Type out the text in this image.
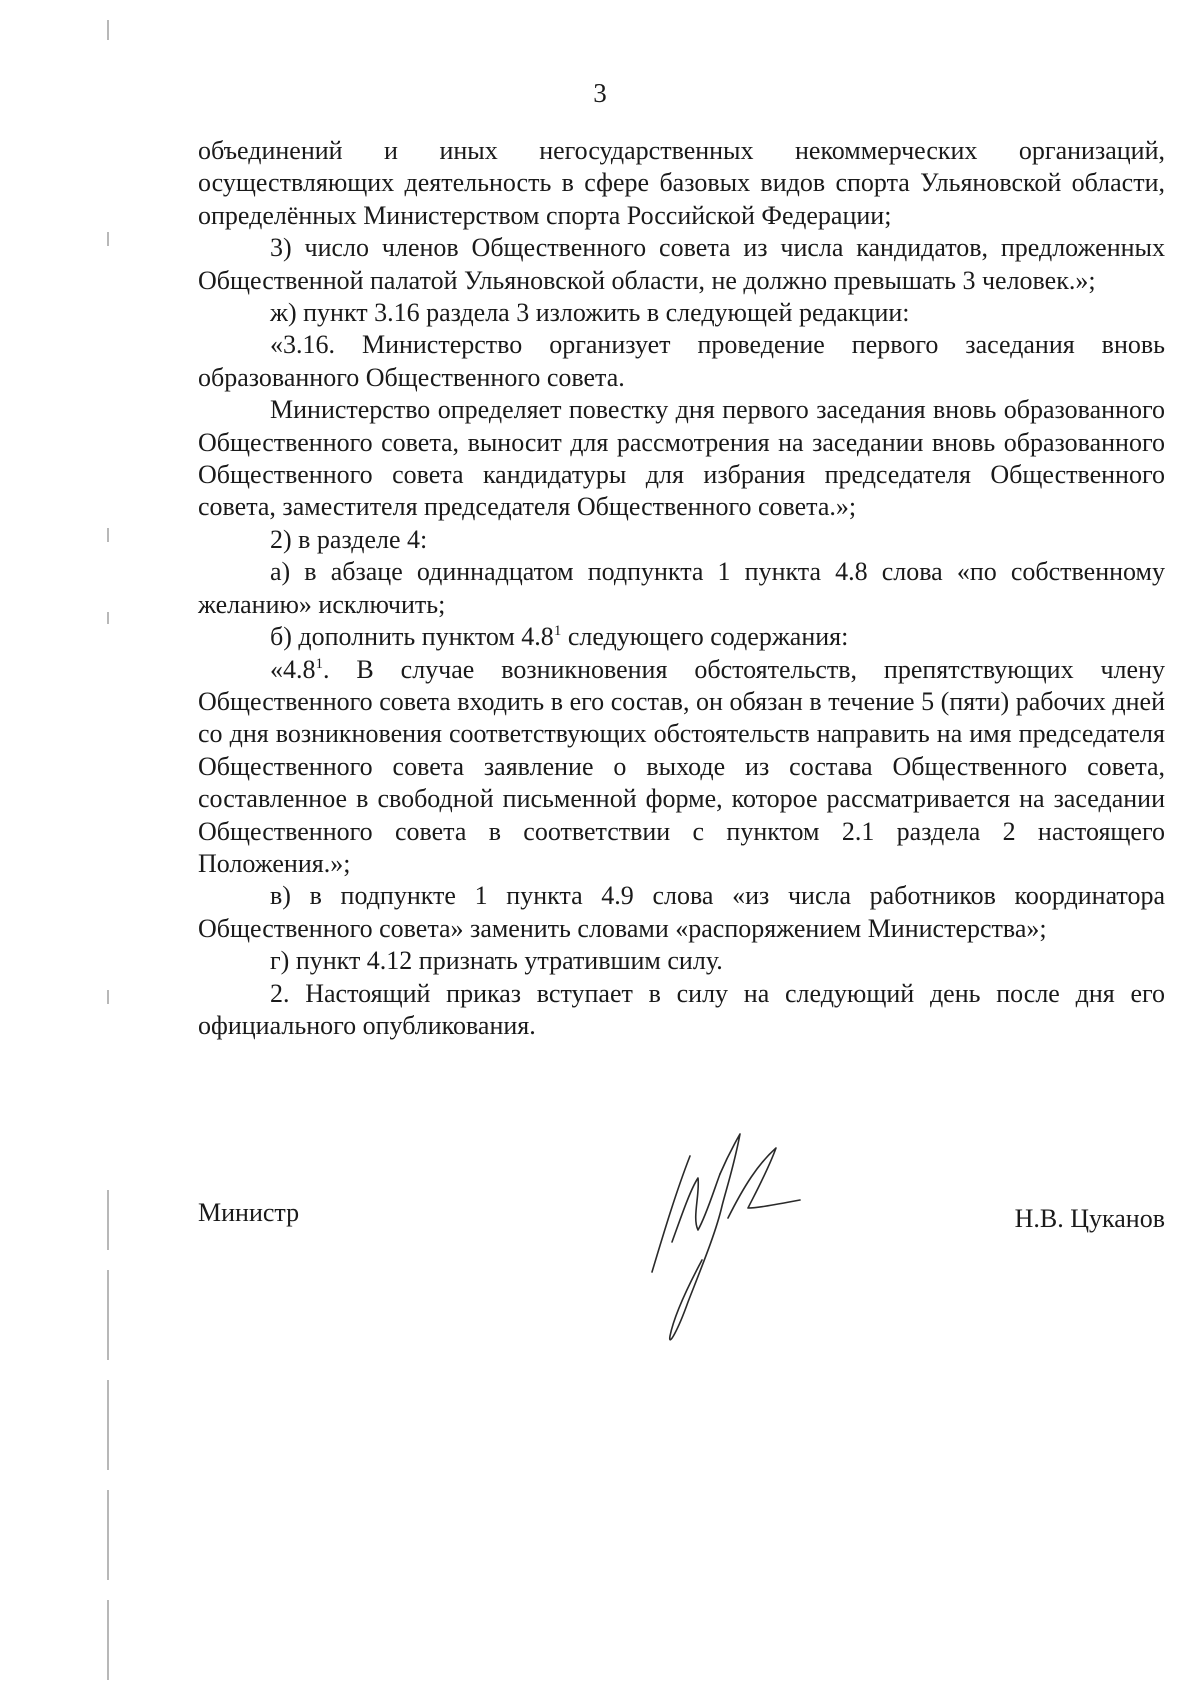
3

объединений и иных негосударственных некоммерческих организаций, осуществляющих деятельность в сфере базовых видов спорта Ульяновской области, определённых Министерством спорта Российской Федерации;

3) число членов Общественного совета из числа кандидатов, предложенных Общественной палатой Ульяновской области, не должно превышать 3 человек.»;

ж) пункт 3.16 раздела 3 изложить в следующей редакции:

«3.16. Министерство организует проведение первого заседания вновь образованного Общественного совета.

Министерство определяет повестку дня первого заседания вновь образованного Общественного совета, выносит для рассмотрения на заседании вновь образованного Общественного совета кандидатуры для избрания председателя Общественного совета, заместителя председателя Общественного совета.»;

2) в разделе 4:

а) в абзаце одиннадцатом подпункта 1 пункта 4.8 слова «по собственному желанию» исключить;

б) дополнить пунктом $4.8^1$ следующего содержания:

«$4.8^1$. В случае возникновения обстоятельств, препятствующих члену Общественного совета входить в его состав, он обязан в течение 5 (пяти) рабочих дней со дня возникновения соответствующих обстоятельств направить на имя председателя Общественного совета заявление о выходе из состава Общественного совета, составленное в свободной письменной форме, которое рассматривается на заседании Общественного совета в соответствии с пунктом 2.1 раздела 2 настоящего Положения.»;

в) в подпункте 1 пункта 4.9 слова «из числа работников координатора Общественного совета» заменить словами «распоряжением Министерства»;

г) пункт 4.12 признать утратившим силу.

2. Настоящий приказ вступает в силу на следующий день после дня его официального опубликования.

Министр	Н.В. Цуканов
